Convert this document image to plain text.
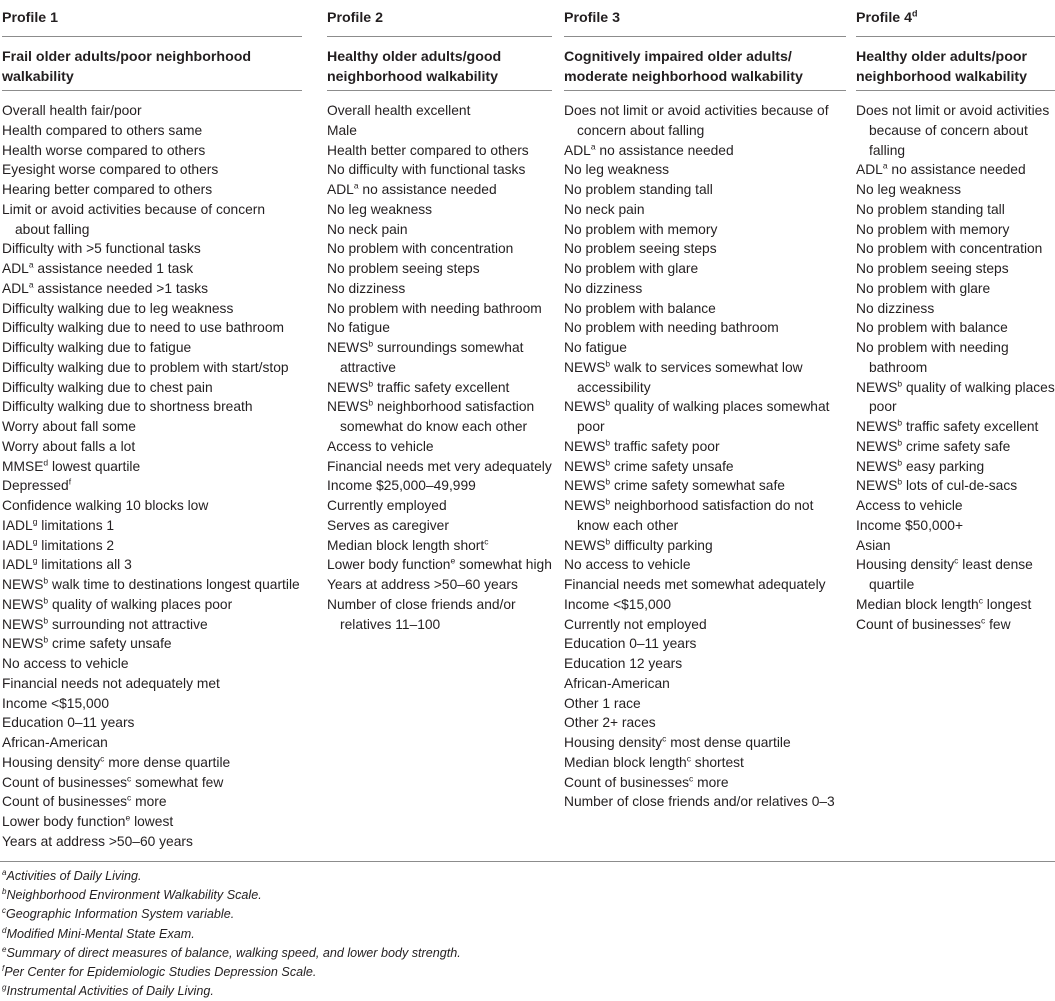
Profile 1
Frail older adults/poor neighborhood walkability
Overall health fair/poor
Health compared to others same
Health worse compared to others
Eyesight worse compared to others
Hearing better compared to others
Limit or avoid activities because of concern about falling
Difficulty with >5 functional tasks
ADL$^a$ assistance needed 1 task
ADL$^a$ assistance needed >1 tasks
Difficulty walking due to leg weakness
Difficulty walking due to need to use bathroom
Difficulty walking due to fatigue
Difficulty walking due to problem with start/stop
Difficulty walking due to chest pain
Difficulty walking due to shortness breath
Worry about fall some
Worry about falls a lot
MMSE$^d$ lowest quartile
Depressed$^f$
Confidence walking 10 blocks low
IADL$^g$ limitations 1
IADL$^g$ limitations 2
IADL$^g$ limitations all 3
NEWS$^b$ walk time to destinations longest quartile
NEWS$^b$ quality of walking places poor
NEWS$^b$ surrounding not attractive
NEWS$^b$ crime safety unsafe
No access to vehicle
Financial needs not adequately met
Income <$15,000
Education 0–11 years
African-American
Housing density$^c$ more dense quartile
Count of businesses$^c$ somewhat few
Count of businesses$^c$ more
Lower body function$^e$ lowest
Years at address >50–60 years
Profile 2
Healthy older adults/good neighborhood walkability
Overall health excellent
Male
Health better compared to others
No difficulty with functional tasks
ADL$^a$ no assistance needed
No leg weakness
No neck pain
No problem with concentration
No problem seeing steps
No dizziness
No problem with needing bathroom
No fatigue
NEWS$^b$ surroundings somewhat attractive
NEWS$^b$ traffic safety excellent
NEWS$^b$ neighborhood satisfaction somewhat do know each other
Access to vehicle
Financial needs met very adequately
Income $25,000–49,999
Currently employed
Serves as caregiver
Median block length short$^c$
Lower body function$^e$ somewhat high
Years at address >50–60 years
Number of close friends and/or relatives 11–100
Profile 3
Cognitively impaired older adults/ moderate neighborhood walkability
Does not limit or avoid activities because of concern about falling
ADL$^a$ no assistance needed
No leg weakness
No problem standing tall
No neck pain
No problem with memory
No problem seeing steps
No problem with glare
No dizziness
No problem with balance
No problem with needing bathroom
No fatigue
NEWS$^b$ walk to services somewhat low accessibility
NEWS$^b$ quality of walking places somewhat poor
NEWS$^b$ traffic safety poor
NEWS$^b$ crime safety unsafe
NEWS$^b$ crime safety somewhat safe
NEWS$^b$ neighborhood satisfaction do not know each other
NEWS$^b$ difficulty parking
No access to vehicle
Financial needs met somewhat adequately
Income <$15,000
Currently not employed
Education 0–11 years
Education 12 years
African-American
Other 1 race
Other 2+ races
Housing density$^c$ most dense quartile
Median block length$^c$ shortest
Count of businesses$^c$ more
Number of close friends and/or relatives 0–3
Profile 4$^d$
Healthy older adults/poor neighborhood walkability
Does not limit or avoid activities because of concern about falling
ADL$^a$ no assistance needed
No leg weakness
No problem standing tall
No problem with memory
No problem with concentration
No problem seeing steps
No problem with glare
No dizziness
No problem with balance
No problem with needing bathroom
NEWS$^b$ quality of walking places poor
NEWS$^b$ traffic safety excellent
NEWS$^b$ crime safety safe
NEWS$^b$ easy parking
NEWS$^b$ lots of cul-de-sacs
Access to vehicle
Income $50,000+
Asian
Housing density$^c$ least dense quartile
Median block length$^c$ longest
Count of businesses$^c$ few
$^a$Activities of Daily Living.
$^b$Neighborhood Environment Walkability Scale.
$^c$Geographic Information System variable.
$^d$Modified Mini-Mental State Exam.
$^e$Summary of direct measures of balance, walking speed, and lower body strength.
$^f$Per Center for Epidemiologic Studies Depression Scale.
$^g$Instrumental Activities of Daily Living.
